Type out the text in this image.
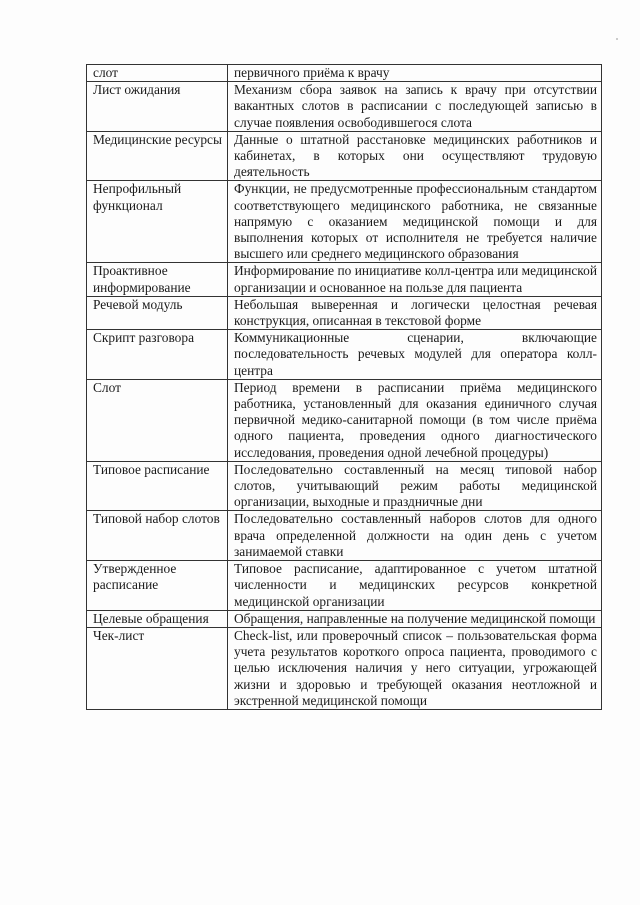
слот	первичного приёма к врачу
Лист ожидания	Механизм сбора заявок на запись к врачу при отсутствии вакантных слотов в расписании с последующей записью в случае появления освободившегося слота
Медицинские ресурсы	Данные о штатной расстановке медицинских работников и кабинетах, в которых они осуществляют трудовую деятельность
Непрофильный функционал	Функции, не предусмотренные профессиональным стандартом соответствующего медицинского работника, не связанные напрямую с оказанием медицинской помощи и для выполнения которых от исполнителя не требуется наличие высшего или среднего медицинского образования
Проактивное информирование	Информирование по инициативе колл-центра или медицинской организации и основанное на пользе для пациента
Речевой модуль	Небольшая выверенная и логически целостная речевая конструкция, описанная в текстовой форме
Скрипт разговора	Коммуникационные сценарии, включающие последовательность речевых модулей для оператора колл-центра
Слот	Период времени в расписании приёма медицинского работника, установленный для оказания единичного случая первичной медико-санитарной помощи (в том числе приёма одного пациента, проведения одного диагностического исследования, проведения одной лечебной процедуры)
Типовое расписание	Последовательно составленный на месяц типовой набор слотов, учитывающий режим работы медицинской организации, выходные и праздничные дни
Типовой набор слотов	Последовательно составленный наборов слотов для одного врача определенной должности на один день с учетом занимаемой ставки
Утвержденное расписание	Типовое расписание, адаптированное с учетом штатной численности и медицинских ресурсов конкретной медицинской организации
Целевые обращения	Обращения, направленные на получение медицинской помощи
Чек-лист	Check-list, или проверочный список – пользовательская форма учета результатов короткого опроса пациента, проводимого с целью исключения наличия у него ситуации, угрожающей жизни и здоровью и требующей оказания неотложной и экстренной медицинской помощи
